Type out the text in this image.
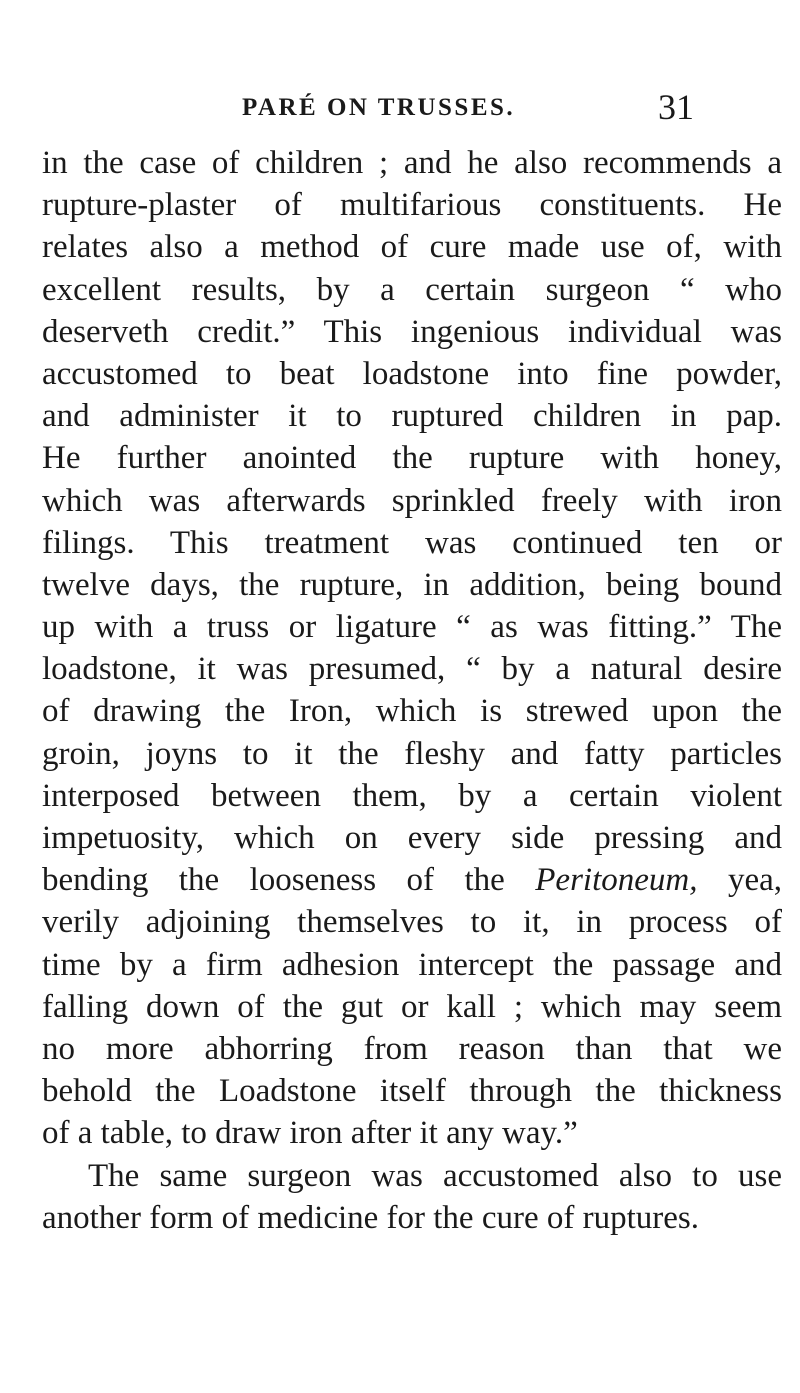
PARÉ ON TRUSSES.	31
in the case of children ; and he also recommends a
rupture-plaster of multifarious constituents. He
relates also a method of cure made use of, with
excellent results, by a certain surgeon “ who
deserveth credit.” This ingenious individual was
accustomed to beat loadstone into fine powder,
and administer it to ruptured children in pap.
He further anointed the rupture with honey,
which was afterwards sprinkled freely with iron
filings. This treatment was continued ten or
twelve days, the rupture, in addition, being bound
up with a truss or ligature “ as was fitting.” The
loadstone, it was presumed, “ by a natural desire
of drawing the Iron, which is strewed upon the
groin, joyns to it the fleshy and fatty particles
interposed between them, by a certain violent
impetuosity, which on every side pressing and
bending the looseness of the Peritoneum, yea,
verily adjoining themselves to it, in process of
time by a firm adhesion intercept the passage and
falling down of the gut or kall ; which may seem
no more abhorring from reason than that we
behold the Loadstone itself through the thickness
of a table, to draw iron after it any way.”
The same surgeon was accustomed also to use
another form of medicine for the cure of ruptures.
